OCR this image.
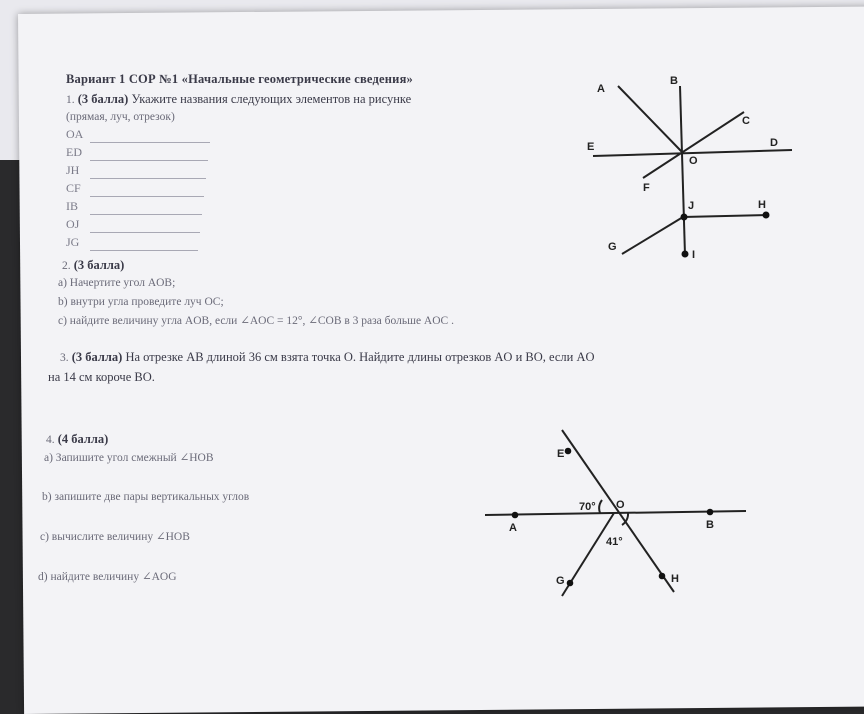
Вариант 1 СОР №1 «Начальные геометрические сведения»
1. (3 балла) Укажите названия следующих элементов на рисунке
(прямая, луч, отрезок)
OA
ED
JH
CF
IB
OJ
JG
2. (3 балла)
а) Начертите угол AOB;
b) внутри угла проведите луч OC;
с) найдите величину угла AOB, если ∠AOC = 12°, ∠COB в 3 раза больше AOC .
3. (3 балла) На отрезке AB длиной 36 см взята точка O. Найдите длины отрезков AO и BO, если AO
на 14 см короче BO.
4. (4 балла)
а) Запишите угол смежный ∠HOB
b) запишите две пары вертикальных углов
c) вычислите величину ∠HOB
d) найдите величину ∠AOG
A
B
C
D
E
O
F
J	H
G
I
E
O
A	B
G	H
70°
41°
